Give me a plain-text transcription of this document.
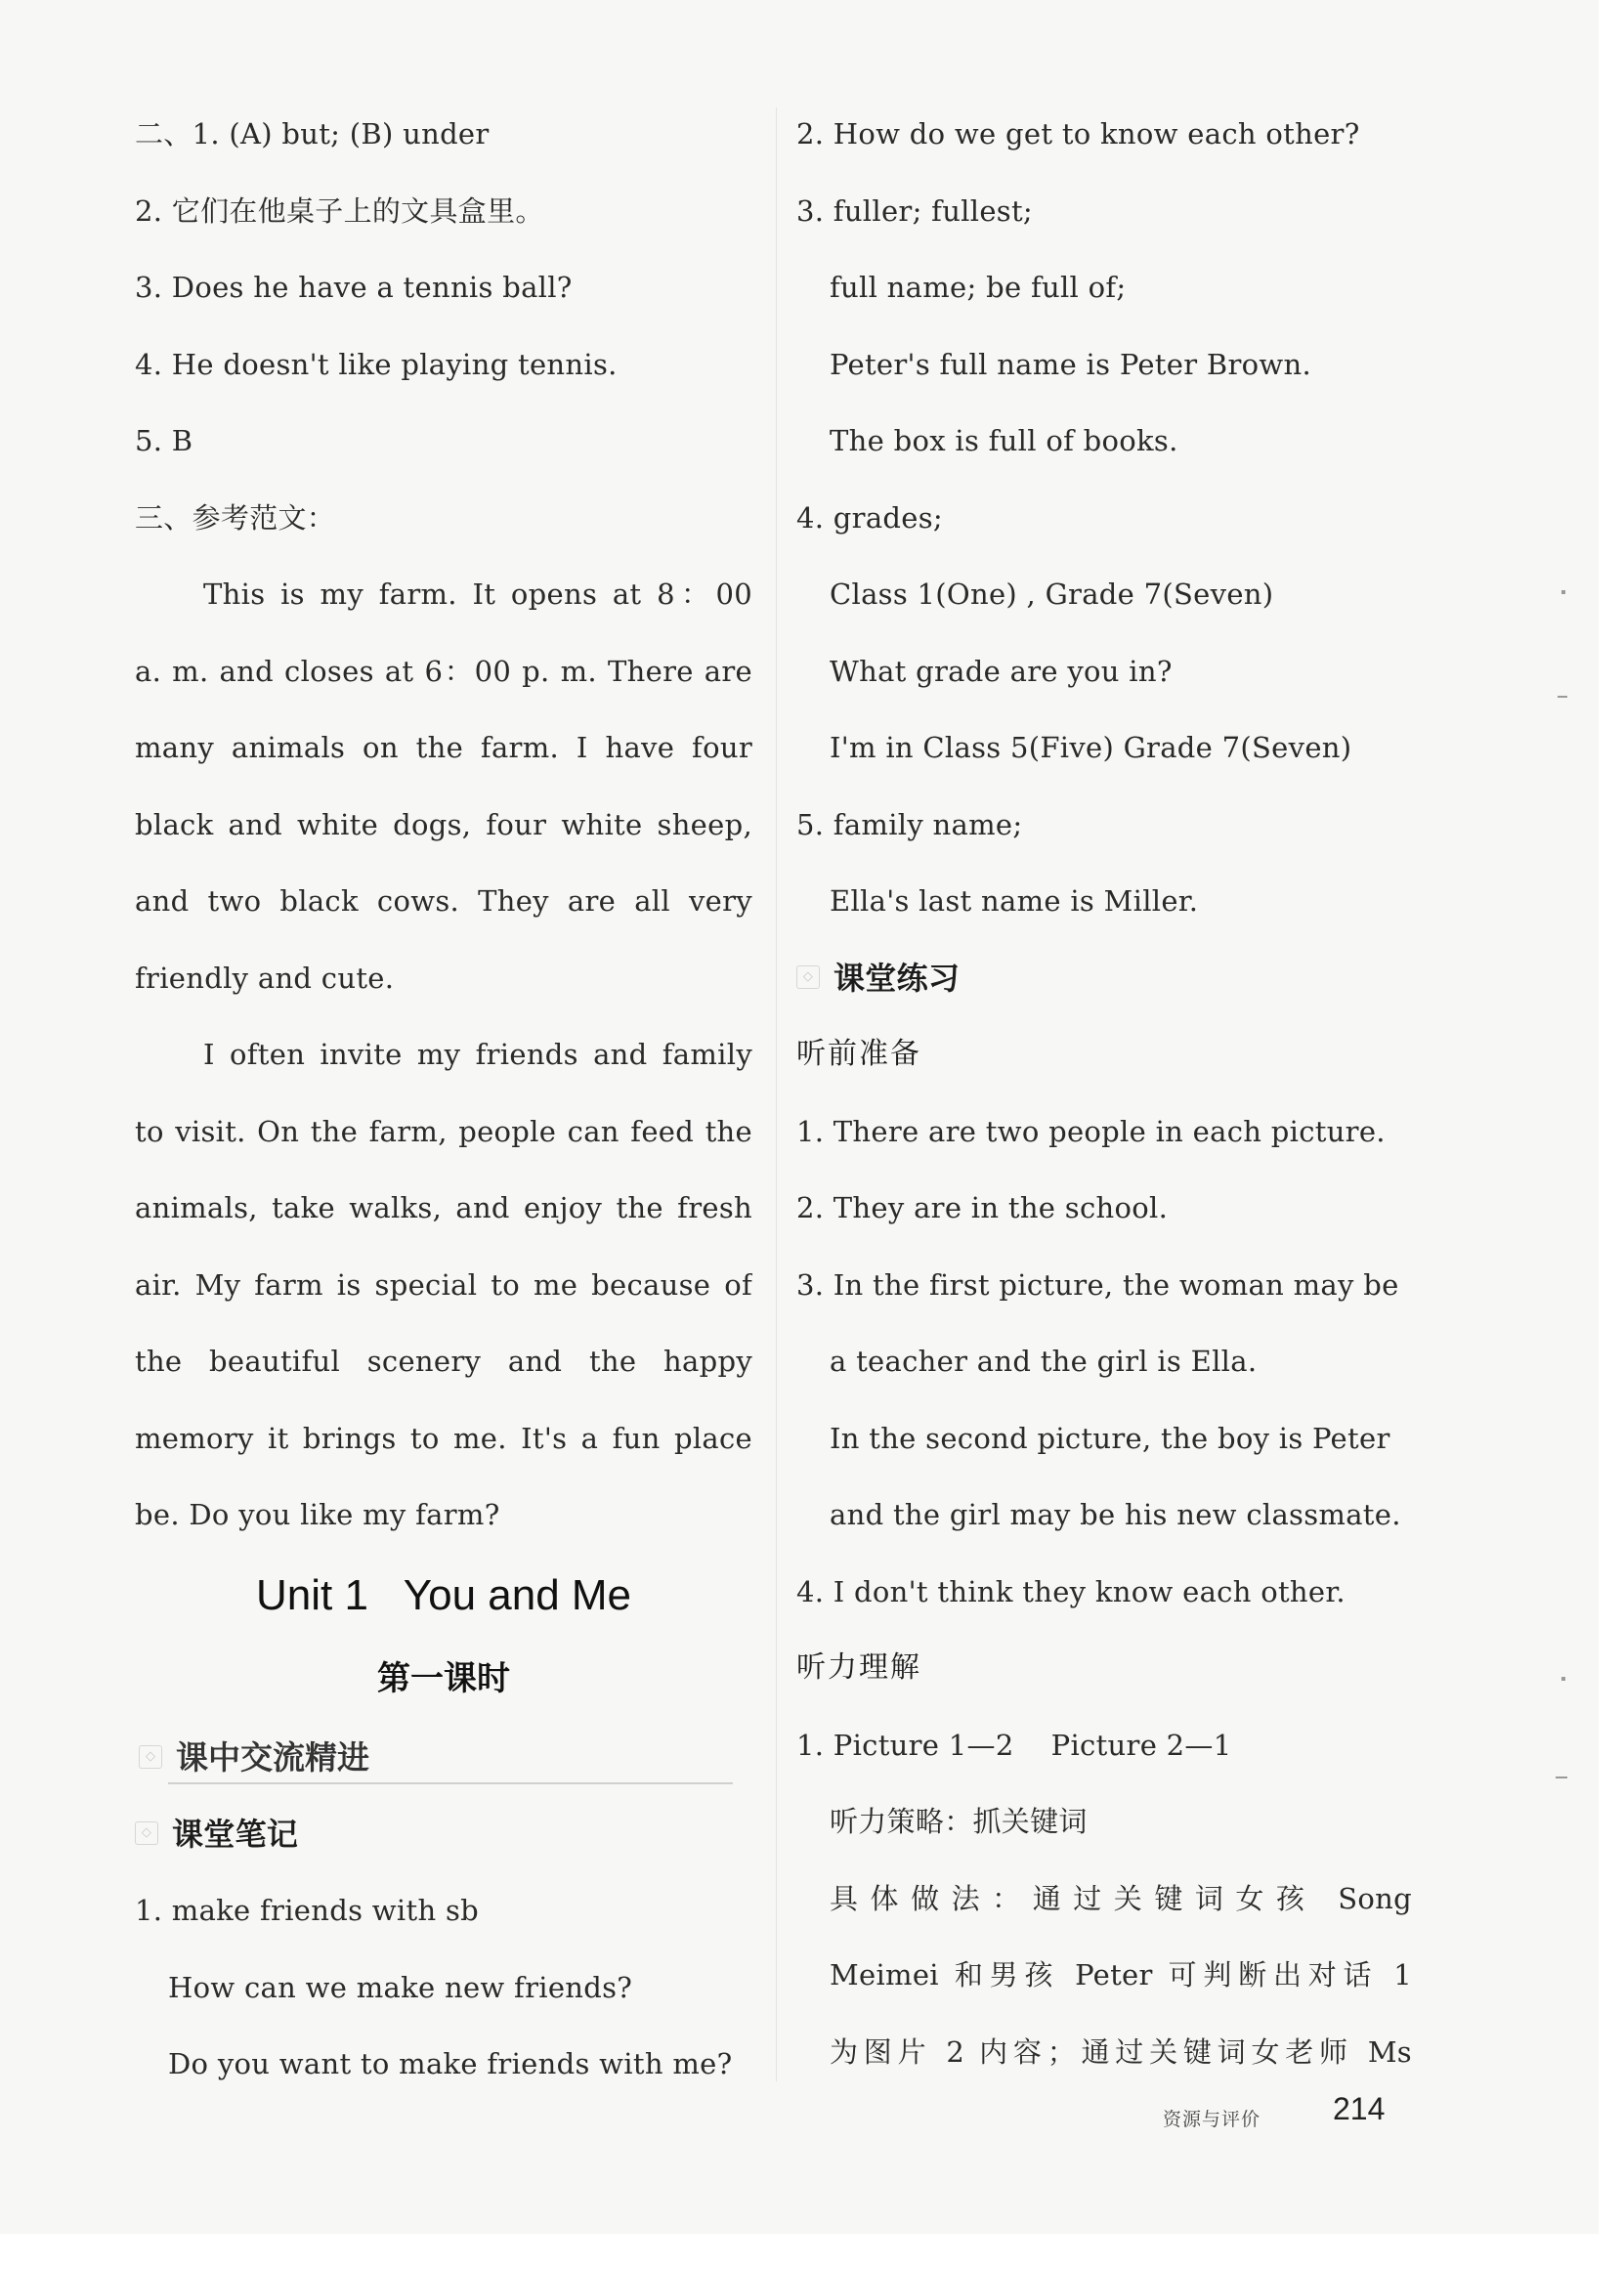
二、1. (A) but; (B) under
2. 它们在他桌子上的文具盒里。
3. Does he have a tennis ball?
4. He doesn't like playing tennis.
5. B
三、参考范文：
This is my farm. It opens at 8：00
a. m. and closes at 6：00 p. m. There are
many animals on the farm. I have four
black and white dogs, four white sheep,
and two black cows. They are all very
friendly and cute.
I often invite my friends and family
to visit. On the farm, people can feed the
animals, take walks, and enjoy the fresh
air. My farm is special to me because of
the beautiful scenery and the happy
memory it brings to me. It's a fun place
be. Do you like my farm?
Unit 1   You and Me
第一课时
◇ 课中交流精进
◇ 课堂笔记
1. make friends with sb
How can we make new friends?
Do you want to make friends with me?
2. How do we get to know each other?
3. fuller; fullest;
full name; be full of;
Peter's full name is Peter Brown.
The box is full of books.
4. grades;
Class 1(One) , Grade 7(Seven)
What grade are you in?
I'm in Class 5(Five) Grade 7(Seven)
5. family name;
Ella's last name is Miller.
◇ 课堂练习
听前准备
1. There are two people in each picture.
2. They are in the school.
3. In the first picture, the woman may be
a teacher and the girl is Ella.
In the second picture, the boy is Peter
and the girl may be his new classmate.
4. I don't think they know each other.
听力理解
1. Picture 1—2    Picture 2—1
听力策略：抓关键词
具体做法：通过关键词女孩 Song
Meimei 和男孩 Peter 可判断出对话 1
为图片 2 内容；通过关键词女老师 Ms
资源与评价 214
